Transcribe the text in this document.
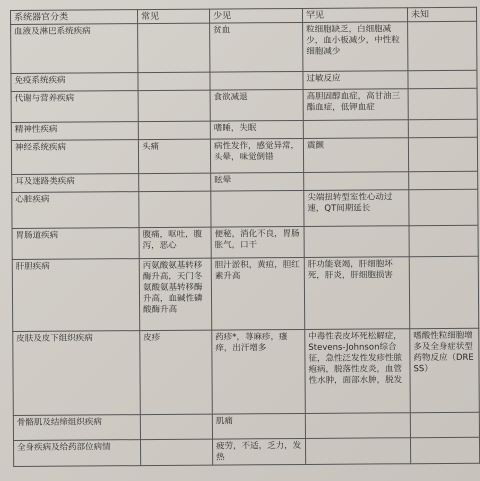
系统器官分类	常见	少见	罕见	未知
血液及淋巴系统疾病		贫血	粒细胞缺乏，白细胞减少，血小板减少，中性粒细胞减少	
免疫系统疾病			过敏反应	
代谢与营养疾病		食欲减退	高胆固醇血症，高甘油三酯血症，低钾血症	
精神性疾病		嗜睡，失眠		
神经系统疾病	头痛	病性发作，感觉异常，头晕，味觉倒错	震颤	
耳及迷路类疾病		眩晕		
心脏疾病			尖端扭转型室性心动过速，QT间期延长	
胃肠道疾病	腹痛，呕吐，腹泻，恶心	便秘，消化不良，胃肠胀气，口干		
肝胆疾病	丙氨酸氨基转移酶升高，天门冬氨酸氨基转移酶升高，血碱性磷酸酶升高	胆汁淤积，黄疸，胆红素升高	肝功能衰竭，肝细胞坏死，肝炎，肝细胞损害	
皮肤及皮下组织疾病	皮疹	药疹*，荨麻疹，瘙痒，出汗增多	中毒性表皮坏死松解症，Stevens-Johnson综合征，急性泛发性发疹性脓疱病，脱落性皮炎，血管性水肿，面部水肿，脱发	嗜酸性粒细胞增多及全身症状型药物反应（DRESS）
骨骼肌及结缔组织疾病		肌痛		
全身疾病及给药部位病情		疲劳，不适，乏力，发热		
